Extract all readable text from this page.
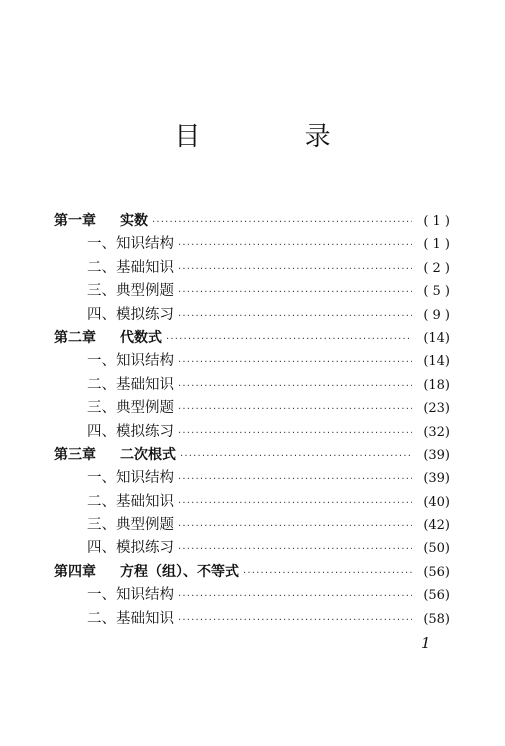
目 录
第一章	实数 ·····	( 1 )
一、知识结构 ·····	( 1 )
二、基础知识 ·····	( 2 )
三、典型例题 ·····	( 5 )
四、模拟练习 ·····	( 9 )
第二章	代数式 ·····	(14)
一、知识结构 ·····	(14)
二、基础知识 ·····	(18)
三、典型例题 ·····	(23)
四、模拟练习 ·····	(32)
第三章	二次根式 ·····	(39)
一、知识结构 ·····	(39)
二、基础知识 ·····	(40)
三、典型例题 ·····	(42)
四、模拟练习 ·····	(50)
第四章	方程（组）、不等式 ·····	(56)
一、知识结构 ·····	(56)
二、基础知识 ·····	(58)
1
